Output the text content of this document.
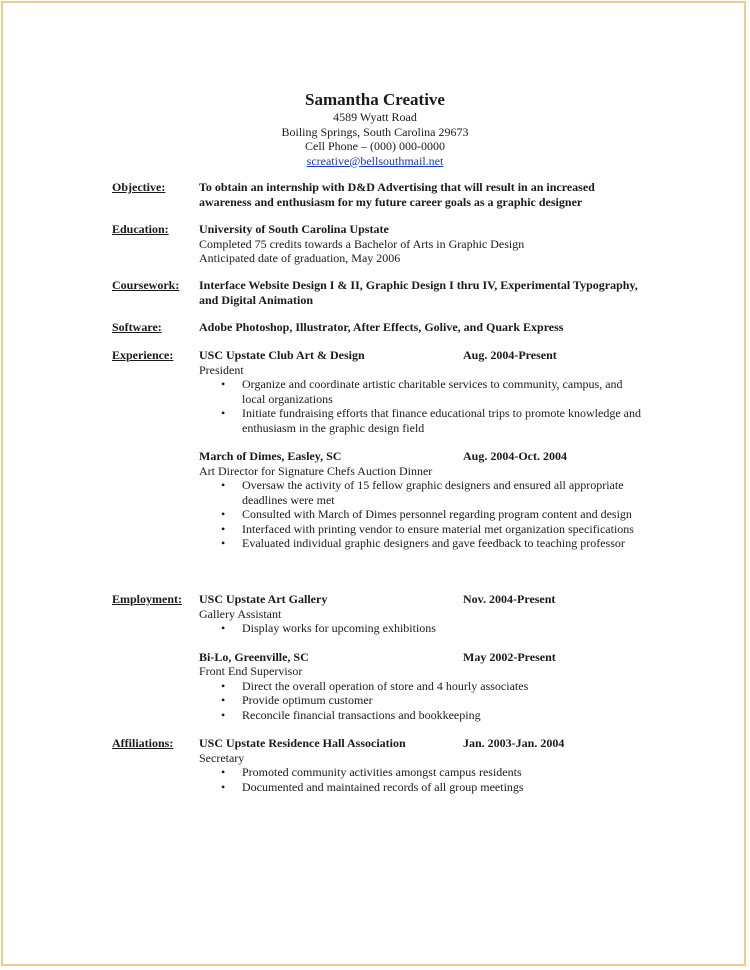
Samantha Creative
4589 Wyatt Road
Boiling Springs, South Carolina 29673
Cell Phone – (000) 000-0000
screative@bellsouthmail.net
Objective:	To obtain an internship with D&D Advertising that will result in an increased awareness and enthusiasm for my future career goals as a graphic designer
Education:	University of South Carolina Upstate
Completed 75 credits towards a Bachelor of Arts in Graphic Design
Anticipated date of graduation, May 2006
Coursework: Interface Website Design I & II, Graphic Design I thru IV, Experimental Typography, and Digital Animation
Software:	Adobe Photoshop, Illustrator, After Effects, Golive, and Quark Express
Experience: USC Upstate Club Art & Design	Aug. 2004-Present
President
• Organize and coordinate artistic charitable services to community, campus, and local organizations
• Initiate fundraising efforts that finance educational trips to promote knowledge and enthusiasm in the graphic design field
March of Dimes, Easley, SC	Aug. 2004-Oct. 2004
Art Director for Signature Chefs Auction Dinner
• Oversaw the activity of 15 fellow graphic designers and ensured all appropriate deadlines were met
• Consulted with March of Dimes personnel regarding program content and design
• Interfaced with printing vendor to ensure material met organization specifications
• Evaluated individual graphic designers and gave feedback to teaching professor
Employment: USC Upstate Art Gallery	Nov. 2004-Present
Gallery Assistant
• Display works for upcoming exhibitions
Bi-Lo, Greenville, SC	May 2002-Present
Front End Supervisor
• Direct the overall operation of store and 4 hourly associates
• Provide optimum customer
• Reconcile financial transactions and bookkeeping
Affiliations: USC Upstate Residence Hall Association	Jan. 2003-Jan. 2004
Secretary
• Promoted community activities amongst campus residents
• Documented and maintained records of all group meetings
